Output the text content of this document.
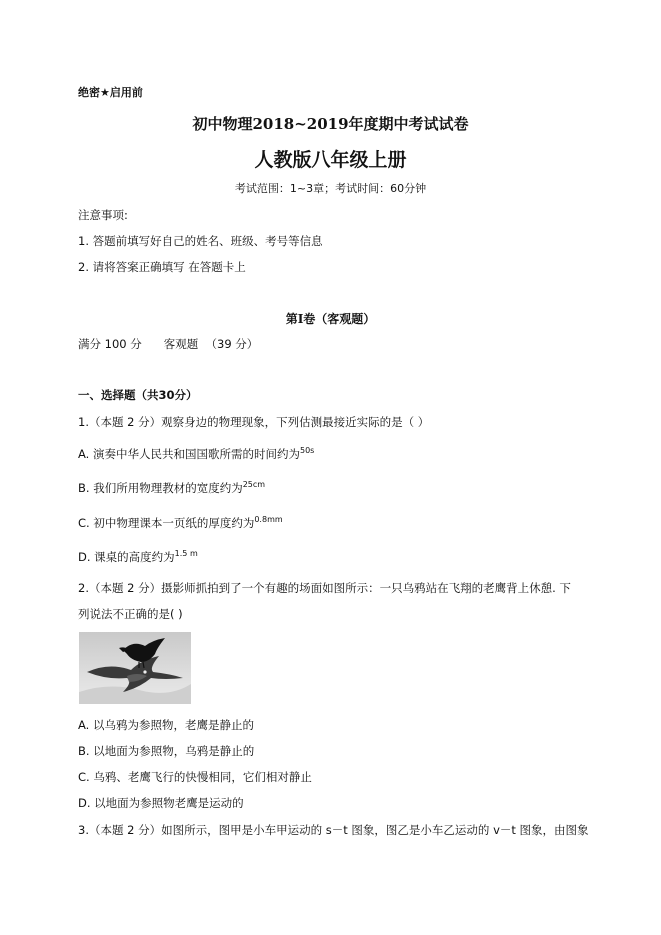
绝密★启用前
初中物理2018~2019年度期中考试试卷
人教版八年级上册
考试范围：1~3章；考试时间：60分钟
注意事项:
1. 答题前填写好自己的姓名、班级、考号等信息
2. 请将答案正确填写 在答题卡上
第Ⅰ卷（客观题）
满分 100 分      客观题  （39 分）
一、选择题（共30分）
1.（本题 2 分）观察身边的物理现象，下列估测最接近实际的是（ ）
A. 演奏中华人民共和国国歌所需的时间约为$^{50s}$
B. 我们所用物理教材的宽度约为$^{25cm}$
C. 初中物理课本一页纸的厚度约为$^{0.8mm}$
D. 课桌的高度约为$^{1.5 m}$
2.（本题 2 分）摄影师抓拍到了一个有趣的场面如图所示：一只乌鸦站在飞翔的老鹰背上休憩. 下
列说法不正确的是( )
A. 以乌鸦为参照物，老鹰是静止的
B. 以地面为参照物，乌鸦是静止的
C. 乌鸦、老鹰飞行的快慢相同，它们相对静止
D. 以地面为参照物老鹰是运动的
3.（本题 2 分）如图所示，图甲是小车甲运动的 s－t 图象，图乙是小车乙运动的 v－t 图象，由图象
